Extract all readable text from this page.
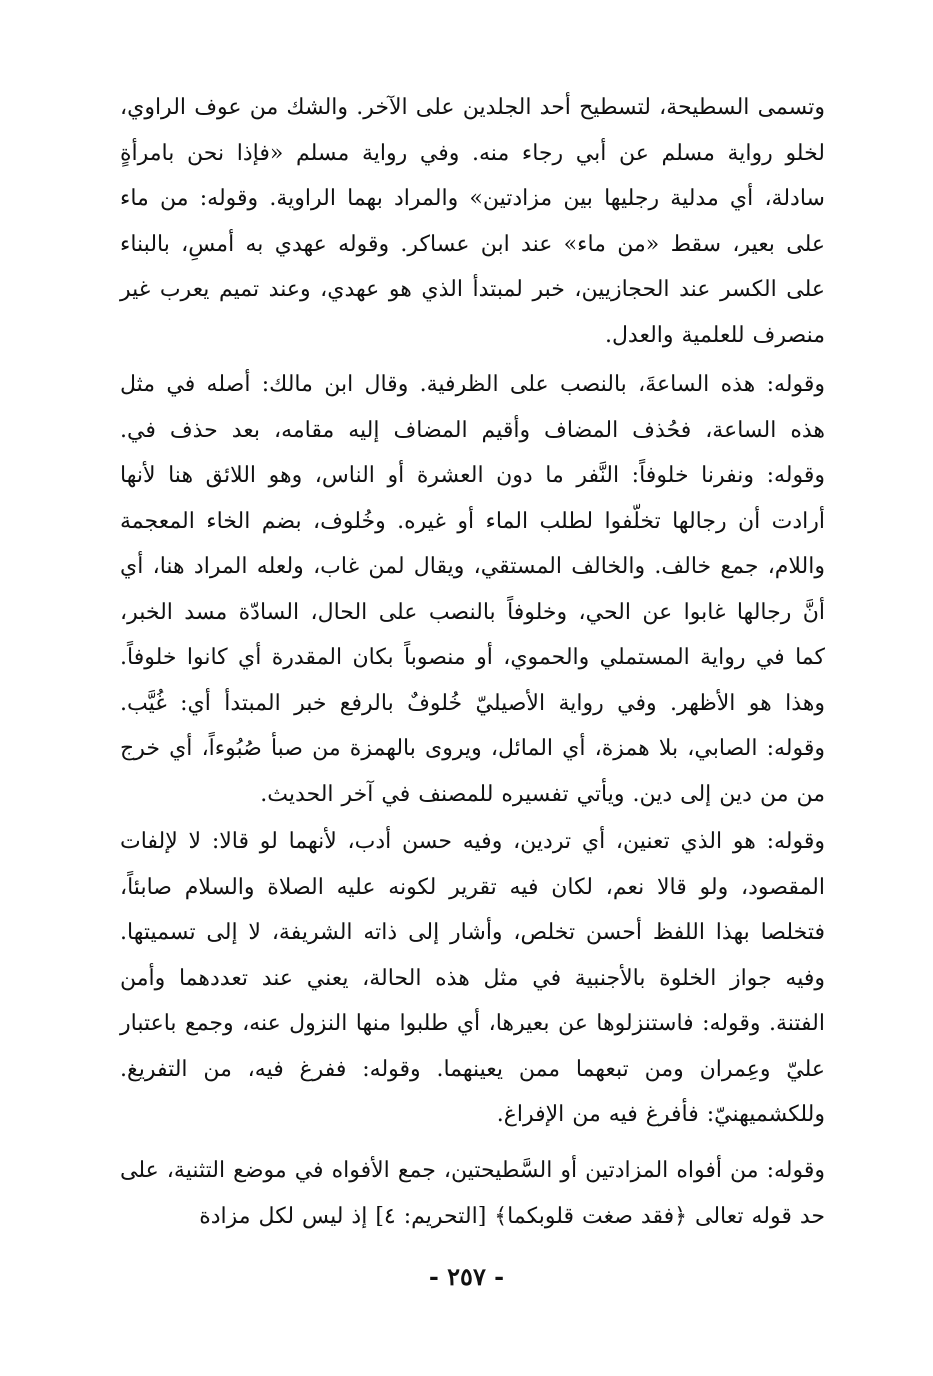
وتسمى السطيحة، لتسطيح أحد الجلدين على الآخر. والشك من عوف الراوي، لخلو رواية مسلم عن أبي رجاء منه. وفي رواية مسلم «فإذا نحن بامرأةٍ سادلة، أي مدلية رجليها بين مزادتين» والمراد بهما الراوية. وقوله: من ماء على بعير، سقط «من ماء» عند ابن عساكر. وقوله عهدي به أمسِ، بالبناء على الكسر عند الحجازيين، خبر لمبتدأ الذي هو عهدي، وعند تميم يعرب غير منصرف للعلمية والعدل.

وقوله: هذه الساعةَ، بالنصب على الظرفية. وقال ابن مالك: أصله في مثل هذه الساعة، فحُذف المضاف وأقيم المضاف إليه مقامه، بعد حذف في. وقوله: ونفرنا خلوفاً: النَّفر ما دون العشرة أو الناس، وهو اللائق هنا لأنها أرادت أن رجالها تخلّفوا لطلب الماء أو غيره. وخُلوف، بضم الخاء المعجمة واللام، جمع خالف. والخالف المستقي، ويقال لمن غاب، ولعله المراد هنا، أي أنَّ رجالها غابوا عن الحي، وخلوفاً بالنصب على الحال، السادّة مسد الخبر، كما في رواية المستملي والحموي، أو منصوباً بكان المقدرة أي كانوا خلوفاً. وهذا هو الأظهر. وفي رواية الأصيليّ خُلوفٌ بالرفع خبر المبتدأ أي: غُيَّب. وقوله: الصابي، بلا همزة، أي المائل، ويروى بالهمزة من صبأ صُبُوءاً، أي خرج من من دين إلى دين. ويأتي تفسيره للمصنف في آخر الحديث.

وقوله: هو الذي تعنين، أي تردين، وفيه حسن أدب، لأنهما لو قالا: لا لإلفات المقصود، ولو قالا نعم، لكان فيه تقرير لكونه عليه الصلاة والسلام صابئاً، فتخلصا بهذا اللفظ أحسن تخلص، وأشار إلى ذاته الشريفة، لا إلى تسميتها. وفيه جواز الخلوة بالأجنبية في مثل هذه الحالة، يعني عند تعددهما وأمن الفتنة. وقوله: فاستنزلوها عن بعيرها، أي طلبوا منها النزول عنه، وجمع باعتبار عليّ وعِمران ومن تبعهما ممن يعينهما. وقوله: ففرغ فيه، من التفريغ. وللكشميهنيّ: فأفرغ فيه من الإفراغ.

وقوله: من أفواه المزادتين أو السَّطيحتين، جمع الأفواه في موضع التثنية، على حد قوله تعالى ﴿فقد صغت قلوبكما﴾ [التحريم: ٤] إذ ليس لكل مزادة

- ٢٥٧ -
